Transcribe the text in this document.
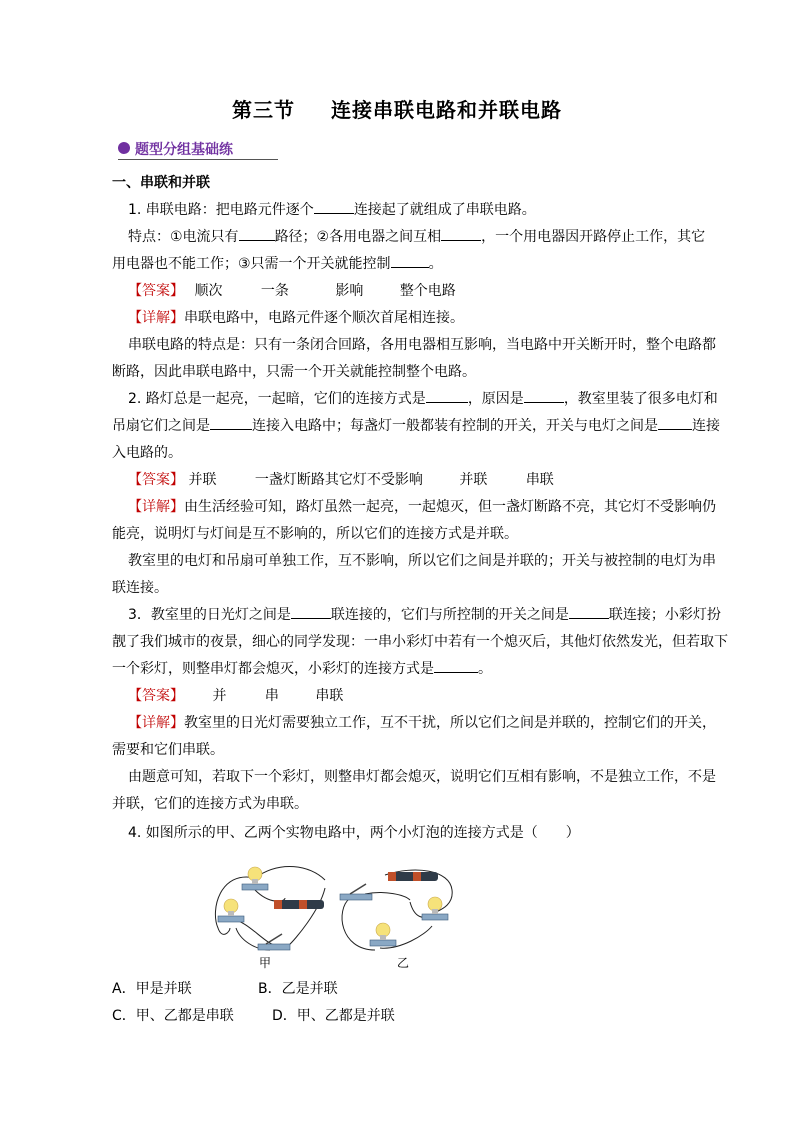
第三节 连接串联电路和并联电路
题型分组基础练
一、串联和并联
1. 串联电路：把电路元件逐个	连接起了就组成了串联电路。
特点：①电流只有	路径；②各用电器之间互相	，一个用电器因开路停止工作，其它
用电器也不能工作；③只需一个开关就能控制	。
【答案】 顺次	一条	影响	整个电路
【详解】串联电路中，电路元件逐个顺次首尾相连接。
串联电路的特点是：只有一条闭合回路，各用电器相互影响，当电路中开关断开时，整个电路都
断路，因此串联电路中，只需一个开关就能控制整个电路。
2. 路灯总是一起亮，一起暗，它们的连接方式是	，原因是	，教室里装了很多电灯和
吊扇它们之间是	连接入电路中；每盏灯一般都装有控制的开关，开关与电灯之间是 连接
入电路的。
【答案】 并联	一盏灯断路其它灯不受影响	并联	串联
【详解】由生活经验可知，路灯虽然一起亮，一起熄灭，但一盏灯断路不亮，其它灯不受影响仍
能亮，说明灯与灯间是互不影响的，所以它们的连接方式是并联。
教室里的电灯和吊扇可单独工作，互不影响，所以它们之间是并联的；开关与被控制的电灯为串
联连接。
3．教室里的日光灯之间是	联连接的，它们与所控制的开关之间是	联连接；小彩灯扮
靓了我们城市的夜景，细心的同学发现：一串小彩灯中若有一个熄灭后，其他灯依然发光，但若取下
一个彩灯，则整串灯都会熄灭，小彩灯的连接方式是	。
【答案】 并	串	串联
【详解】教室里的日光灯需要独立工作，互不干扰，所以它们之间是并联的，控制它们的开关，
需要和它们串联。
由题意可知，若取下一个彩灯，则整串灯都会熄灭，说明它们互相有影响，不是独立工作，不是
并联，它们的连接方式为串联。
4. 如图所示的甲、乙两个实物电路中，两个小灯泡的连接方式是（　　）
甲	乙
A．甲是并联	B．乙是并联
C．甲、乙都是串联	D．甲、乙都是并联
